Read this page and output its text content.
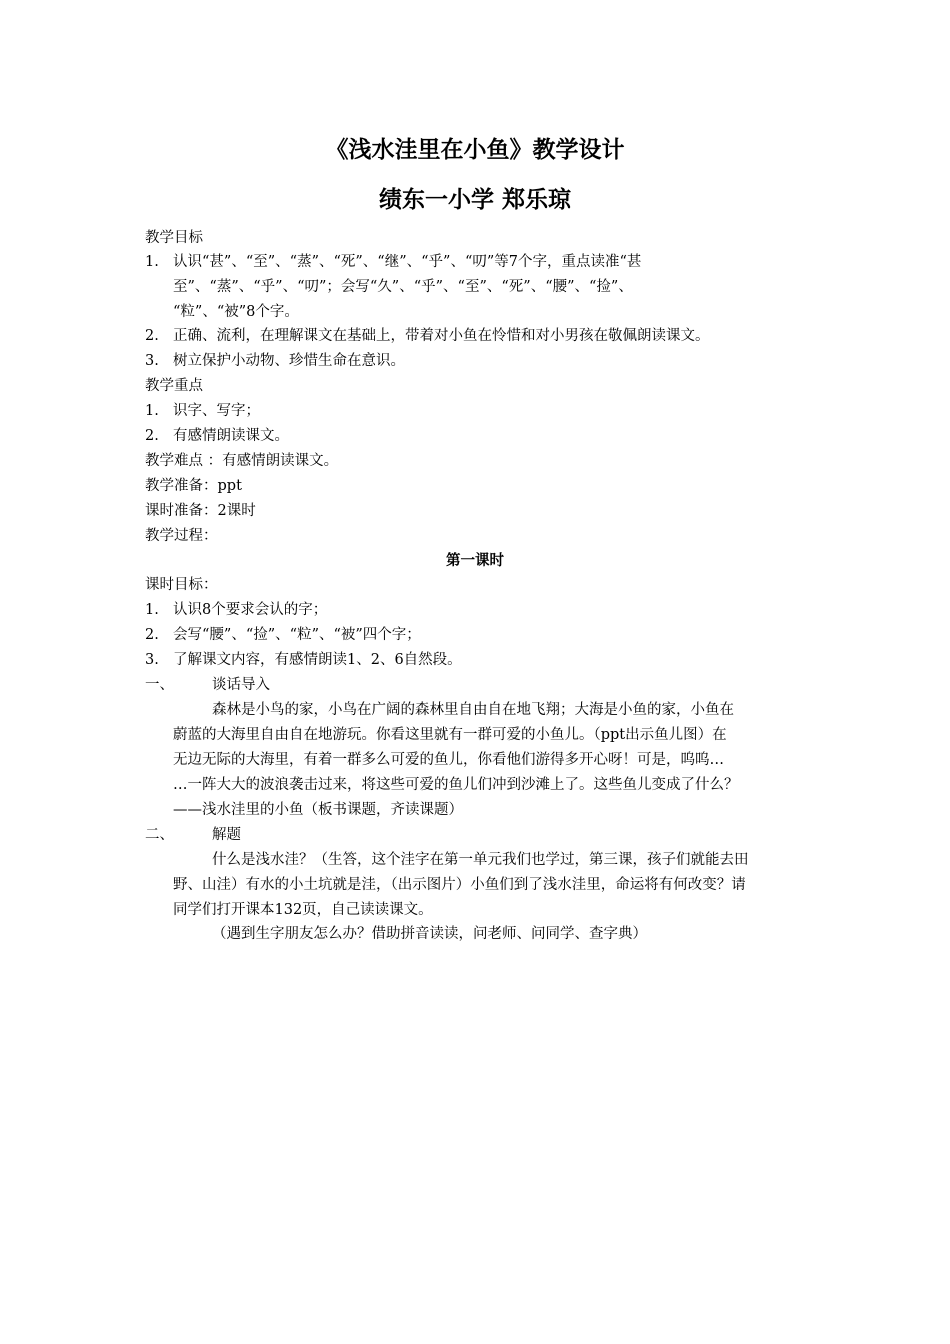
《浅水洼里在小鱼》教学设计
绩东一小学 郑乐琼
教学目标
1. 认识“甚”、“至”、“蒸”、“死”、“继”、“乎”、“叨”等7个字，重点读准“甚
至”、“蒸”、“乎”、“叨”；会写“久”、“乎”、“至”、“死”、“腰”、“捡”、
“粒”、“被”8个字。
2. 正确、流利，在理解课文在基础上，带着对小鱼在怜惜和对小男孩在敬佩朗读课文。
3. 树立保护小动物、珍惜生命在意识。
教学重点
1. 识字、写字；
2. 有感情朗读课文。
教学难点 ：有感情朗读课文。
教学准备：ppt
课时准备：2课时
教学过程：
第一课时
课时目标：
1. 认识8个要求会认的字；
2. 会写“腰”、“捡”、“粒”、“被”四个字；
3. 了解课文内容，有感情朗读1、2、6自然段。
一、	谈话导入
森林是小鸟的家，小鸟在广阔的森林里自由自在地飞翔；大海是小鱼的家，小鱼在
蔚蓝的大海里自由自在地游玩。你看这里就有一群可爱的小鱼儿。（ppt出示鱼儿图）在
无边无际的大海里，有着一群多么可爱的鱼儿，你看他们游得多开心呀！可是，呜呜…
…一阵大大的波浪袭击过来，将这些可爱的鱼儿们冲到沙滩上了。这些鱼儿变成了什么？
——浅水洼里的小鱼（板书课题，齐读课题）
二、	解题
什么是浅水洼？（生答，这个洼字在第一单元我们也学过，第三课，孩子们就能去田
野、山洼）有水的小土坑就是洼，（出示图片）小鱼们到了浅水洼里，命运将有何改变？请
同学们打开课本132页，自己读读课文。
（遇到生字朋友怎么办？借助拼音读读，问老师、问同学、查字典）
